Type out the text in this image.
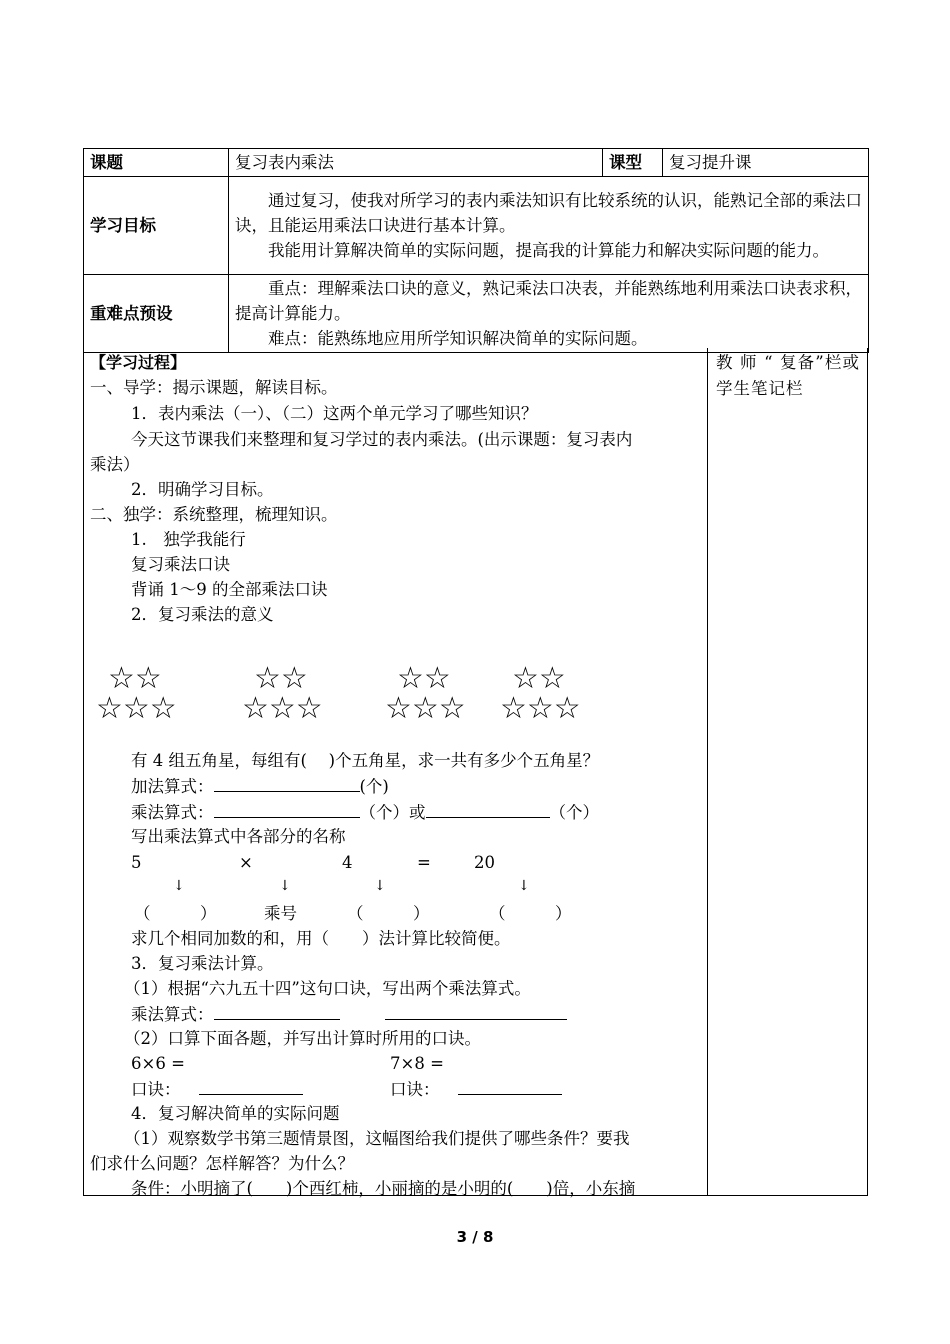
课题	复习表内乘法	课型	复习提升课
学习目标	通过复习，使我对所学习的表内乘法知识有比较系统的认识，能熟记全部的乘法口诀，且能运用乘法口诀进行基本计算。

我能用计算解决简单的实际问题，提高我的计算能力和解决实际问题的能力。		

重难点预设	重点：理解乘法口诀的意义，熟记乘法口决表，并能熟练地利用乘法口诀表求积，提高计算能力。

难点：能熟练地应用所学知识解决简单的实际问题。		

【学习过程】
一、导学：揭示课题，解读目标。
1．表内乘法（一）、（二）这两个单元学习了哪些知识？
今天这节课我们来整理和复习学过的表内乘法。(出示课题：复习表内
乘法）
2．明确学习目标。
二、独学：系统整理，梳理知识。
1.　独学我能行
复习乘法口诀
背诵 1～9 的全部乘法口诀
2．复习乘法的意义
☆☆
☆☆☆
☆☆
☆☆☆
☆☆
☆☆☆
☆☆
☆☆☆
有 4 组五角星，每组有(　 )个五角星，求一共有多少个五角星？
加法算式：	(个)
乘法算式：	（个）或	（个）
写出乘法算式中各部分的名称
5	×	4	=	20
↓	↓	↓	↓
（　　　）	乘号	（　　　）	（　　　）
求几个相同加数的和，用（　　）法计算比较简便。
3．复习乘法计算。
（1）根据“六九五十四”这句口诀，写出两个乘法算式。
乘法算式：
（2）口算下面各题，并写出计算时所用的口诀。
6×6 =	7×8 =
口诀：	口诀：
4．复习解决简单的实际问题
（1）观察数学书第三题情景图，这幅图给我们提供了哪些条件？要我
们求什么问题？怎样解答？为什么？
条件：小明摘了(　　)个西红柿，小丽摘的是小明的(　　)倍，小东摘
教 师 “ 复备”栏或学生笔记栏
3 / 8
